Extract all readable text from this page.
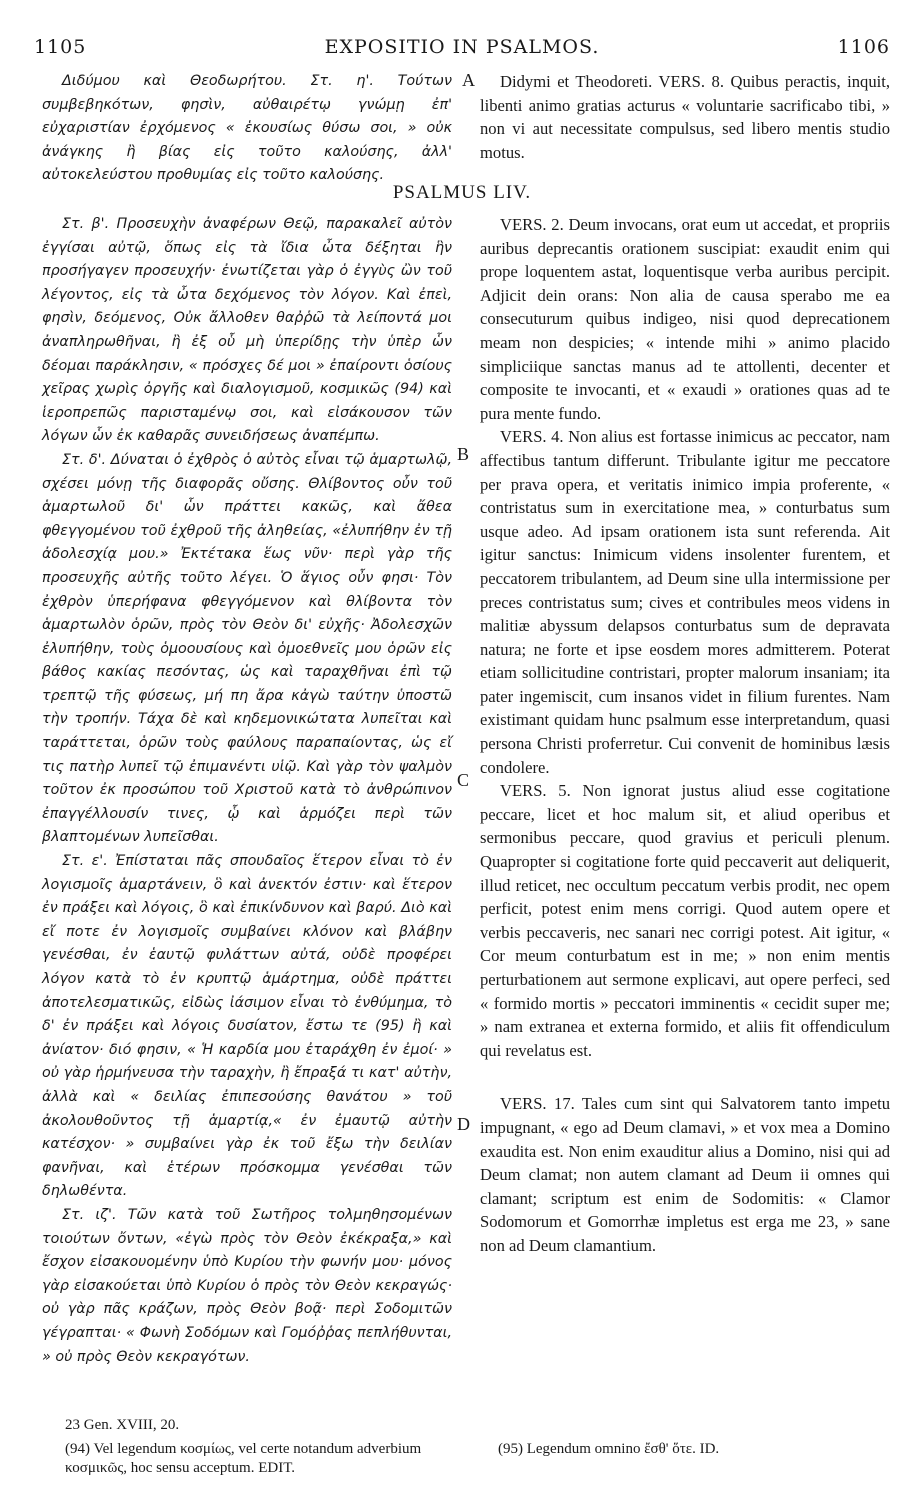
1105	EXPOSITIO IN PSALMOS.	1106

Διδύμου καὶ Θεοδωρήτου. Στ. η'. Τούτων συμβεβηκότων, φησὶν, αὐθαιρέτῳ γνώμῃ ἐπ' εὐχαριστίαν ἐρχόμενος « ἑκουσίως θύσω σοι, » οὐκ ἀνάγκης ἢ βίας εἰς τοῦτο καλούσης, ἀλλ' αὐτοκελεύστου προθυμίας εἰς τοῦτο καλούσης.

Στ. β'. Προσευχὴν ἀναφέρων Θεῷ, παρακαλεῖ αὐτὸν ἐγγίσαι αὐτῷ, ὅπως εἰς τὰ ἴδια ὦτα δέξηται ἣν προσήγαγεν προσευχήν· ἐνωτίζεται γὰρ ὁ ἐγγὺς ὢν τοῦ λέγοντος, εἰς τὰ ὦτα δεχόμενος τὸν λόγον. Καὶ ἐπεὶ, φησὶν, δεόμενος, Οὐκ ἄλλοθεν θαῤῥῶ τὰ λείποντά μοι ἀναπληρωθῆναι, ἢ ἐξ οὗ μὴ ὑπερίδῃς τὴν ὑπὲρ ὧν δέομαι παράκλησιν, « πρόσχες δέ μοι » ἐπαίροντι ὁσίους χεῖρας χωρὶς ὀργῆς καὶ διαλογισμοῦ, κοσμικῶς (94) καὶ ἱεροπρεπῶς παρισταμένῳ σοι, καὶ εἰσάκουσον τῶν λόγων ὧν ἐκ καθαρᾶς συνειδήσεως ἀναπέμπω.

Στ. δ'. Δύναται ὁ ἐχθρὸς ὁ αὐτὸς εἶναι τῷ ἁμαρτωλῷ, σχέσει μόνῃ τῆς διαφορᾶς οὔσης. Θλίβοντος οὖν τοῦ ἁμαρτωλοῦ δι' ὧν πράττει κακῶς, καὶ ἄθεα φθεγγομένου τοῦ ἐχθροῦ τῆς ἀληθείας, «ἐλυπήθην ἐν τῇ ἀδολεσχίᾳ μου.» Ἐκτέτακα ἕως νῦν· περὶ γὰρ τῆς προσευχῆς αὐτῆς τοῦτο λέγει. Ὁ ἅγιος οὖν φησι· Τὸν ἐχθρὸν ὑπερήφανα φθεγγόμενον καὶ θλίβοντα τὸν ἁμαρτωλὸν ὁρῶν, πρὸς τὸν Θεὸν δι' εὐχῆς· Ἀδολεσχῶν ἐλυπήθην, τοὺς ὁμοουσίους καὶ ὁμοεθνεῖς μου ὁρῶν εἰς βάθος κακίας πεσόντας, ὡς καὶ ταραχθῆναι ἐπὶ τῷ τρεπτῷ τῆς φύσεως, μή πη ἄρα κἀγὼ ταύτην ὑποστῶ τὴν τροπήν. Τάχα δὲ καὶ κηδεμονικώτατα λυπεῖται καὶ ταράττεται, ὁρῶν τοὺς φαύλους παραπαίοντας, ὡς εἴ τις πατὴρ λυπεῖ τῷ ἐπιμανέντι υἱῷ. Καὶ γὰρ τὸν ψαλμὸν τοῦτον ἐκ προσώπου τοῦ Χριστοῦ κατὰ τὸ ἀνθρώπινον ἐπαγγέλλουσίν τινες, ᾧ καὶ ἁρμόζει περὶ τῶν βλαπτομένων λυπεῖσθαι.

Στ. ε'. Ἐπίσταται πᾶς σπουδαῖος ἕτερον εἶναι τὸ ἐν λογισμοῖς ἁμαρτάνειν, ὃ καὶ ἀνεκτόν ἐστιν· καὶ ἕτερον ἐν πράξει καὶ λόγοις, ὃ καὶ ἐπικίνδυνον καὶ βαρύ. Διὸ καὶ εἴ ποτε ἐν λογισμοῖς συμβαίνει κλόνον καὶ βλάβην γενέσθαι, ἐν ἑαυτῷ φυλάττων αὐτά, οὐδὲ προφέρει λόγον κατὰ τὸ ἐν κρυπτῷ ἁμάρτημα, οὐδὲ πράττει ἀποτελεσματικῶς, εἰδὼς ἰάσιμον εἶναι τὸ ἐνθύμημα, τὸ δ' ἐν πράξει καὶ λόγοις δυσίατον, ἔστω τε (95) ἢ καὶ ἀνίατον· διό φησιν, « Ἡ καρδία μου ἐταράχθη ἐν ἐμοί· » οὐ γὰρ ἡρμήνευσα τὴν ταραχὴν, ἢ ἔπραξά τι κατ' αὐτὴν, ἀλλὰ καὶ « δειλίας ἐπιπεσούσης θανάτου » τοῦ ἀκολουθοῦντος τῇ ἁμαρτίᾳ,« ἐν ἐμαυτῷ αὐτὴν κατέσχον· » συμβαίνει γὰρ ἐκ τοῦ ἔξω τὴν δειλίαν φανῆναι, καὶ ἑτέρων πρόσκομμα γενέσθαι τῶν δηλωθέντα.

Στ. ιζ'. Τῶν κατὰ τοῦ Σωτῆρος τολμηθησομένων τοιούτων ὄντων, «ἐγὼ πρὸς τὸν Θεὸν ἐκέκραξα,» καὶ ἔσχον εἰσακουομένην ὑπὸ Κυρίου τὴν φωνήν μου· μόνος γὰρ εἰσακούεται ὑπὸ Κυρίου ὁ πρὸς τὸν Θεὸν κεκραγώς· οὐ γὰρ πᾶς κράζων, πρὸς Θεὸν βοᾷ· περὶ Σοδομιτῶν γέγραπται· « Φωνὴ Σοδόμων καὶ Γομόῤῥας πεπλήθυνται, » οὐ πρὸς Θεὸν κεκραγότων.

PSALMUS LIV.

Didymi et Theodoreti. VERS. 8. Quibus peractis, inquit, libenti animo gratias acturus « voluntarie sacrificabo tibi, » non vi aut necessitate compulsus, sed libero mentis studio motus.

VERS. 2. Deum invocans, orat eum ut accedat, et propriis auribus deprecantis orationem suscipiat: exaudit enim qui prope loquentem astat, loquentisque verba auribus percipit. Adjicit dein orans: Non alia de causa sperabo me ea consecuturum quibus indigeo, nisi quod deprecationem meam non despicies; « intende mihi » animo placido simpliciique sanctas manus ad te attollenti, decenter et composite te invocanti, et « exaudi » orationes quas ad te pura mente fundo.

VERS. 4. Non alius est fortasse inimicus ac peccator, nam affectibus tantum differunt. Tribulante igitur me peccatore per prava opera, et veritatis inimico impia proferente, « contristatus sum in exercitatione mea, » conturbatus sum usque adeo. Ad ipsam orationem ista sunt referenda. Ait igitur sanctus: Inimicum videns insolenter furentem, et peccatorem tribulantem, ad Deum sine ulla intermissione per preces contristatus sum; cives et contribules meos videns in malitiæ abyssum delapsos conturbatus sum de depravata natura; ne forte et ipse eosdem mores admitterem. Poterat etiam sollicitudine contristari, propter malorum insaniam; ita pater ingemiscit, cum insanos videt in filium furentes. Nam existimant quidam hunc psalmum esse interpretandum, quasi persona Christi proferretur. Cui convenit de hominibus læsis condolere.

VERS. 5. Non ignorat justus aliud esse cogitatione peccare, licet et hoc malum sit, et aliud operibus et sermonibus peccare, quod gravius et periculi plenum. Quapropter si cogitatione forte quid peccaverit aut deliquerit, illud reticet, nec occultum peccatum verbis prodit, nec opem perficit, potest enim mens corrigi. Quod autem opere et verbis peccaveris, nec sanari nec corrigi potest. Ait igitur, « Cor meum conturbatum est in me; » non enim mentis perturbationem aut sermone explicavi, aut opere perfeci, sed « formido mortis » peccatori imminentis « cecidit super me; » nam extranea et externa formido, et aliis fit offendiculum qui revelatus est.

VERS. 17. Tales cum sint qui Salvatorem tanto impetu impugnant, « ego ad Deum clamavi, » et vox mea a Domino exaudita est. Non enim exauditur alius a Domino, nisi qui ad Deum clamat; non autem clamant ad Deum ii omnes qui clamant; scriptum est enim de Sodomitis: « Clamor Sodomorum et Gomorrhæ impletus est erga me 23, » sane non ad Deum clamantium.

A
B
C
D
23 Gen. XVIII, 20.
(94) Vel legendum κοσμίως, vel certe notandum adverbium κοσμικῶς, hoc sensu acceptum. EDIT.
(95) Legendum omnino ἔσθ' ὅτε. ID.
